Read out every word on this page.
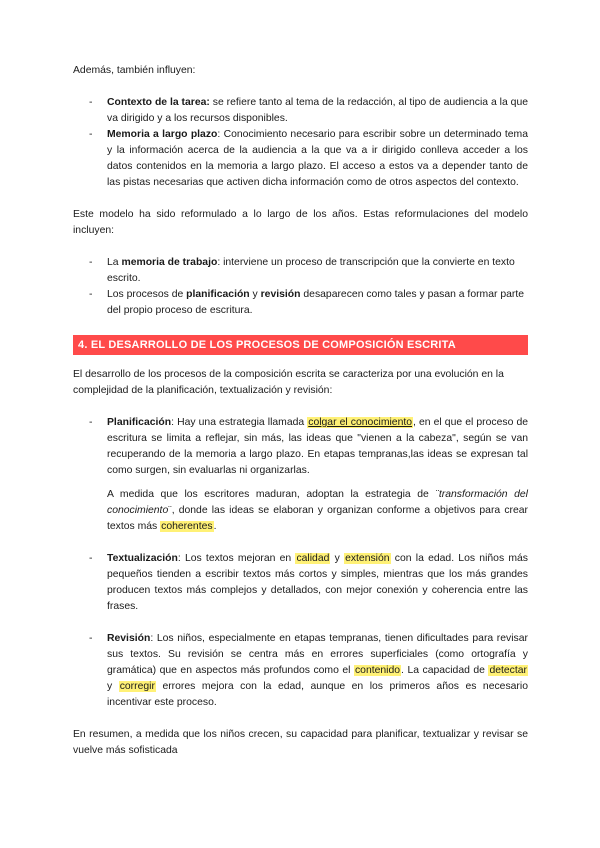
Además, también influyen:

- Contexto de la tarea: se refiere tanto al tema de la redacción, al tipo de audiencia a la que va dirigido y a los recursos disponibles.
- Memoria a largo plazo: Conocimiento necesario para escribir sobre un determinado tema y la información acerca de la audiencia a la que va a ir dirigido conlleva acceder a los datos contenidos en la memoria a largo plazo. El acceso a estos va a depender tanto de las pistas necesarias que activen dicha información como de otros aspectos del contexto.

Este modelo ha sido reformulado a lo largo de los años. Estas reformulaciones del modelo incluyen:

- La memoria de trabajo: interviene un proceso de transcripción que la convierte en texto escrito.
- Los procesos de planificación y revisión desaparecen como tales y pasan a formar parte del propio proceso de escritura.
4. EL DESARROLLO DE LOS PROCESOS DE COMPOSICIÓN ESCRITA

El desarrollo de los procesos de la composición escrita se caracteriza por una evolución en la complejidad de la planificación, textualización y revisión:

- Planificación: Hay una estrategia llamada colgar el conocimiento, en el que el proceso de escritura se limita a reflejar, sin más, las ideas que "vienen a la cabeza", según se van recuperando de la memoria a largo plazo. En etapas tempranas,las ideas se expresan tal como surgen, sin evaluarlas ni organizarlas.

A medida que los escritores maduran, adoptan la estrategia de ¨transformación del conocimiento¨, donde las ideas se elaboran y organizan conforme a objetivos para crear textos más coherentes.

- Textualización: Los textos mejoran en calidad y extensión con la edad. Los niños más pequeños tienden a escribir textos más cortos y simples, mientras que los más grandes producen textos más complejos y detallados, con mejor conexión y coherencia entre las frases.
- Revisión: Los niños, especialmente en etapas tempranas, tienen dificultades para revisar sus textos. Su revisión se centra más en errores superficiales (como ortografía y gramática) que en aspectos más profundos como el contenido. La capacidad de detectar y corregir errores mejora con la edad, aunque en los primeros años es necesario incentivar este proceso.

En resumen, a medida que los niños crecen, su capacidad para planificar, textualizar y revisar se vuelve más sofisticada
